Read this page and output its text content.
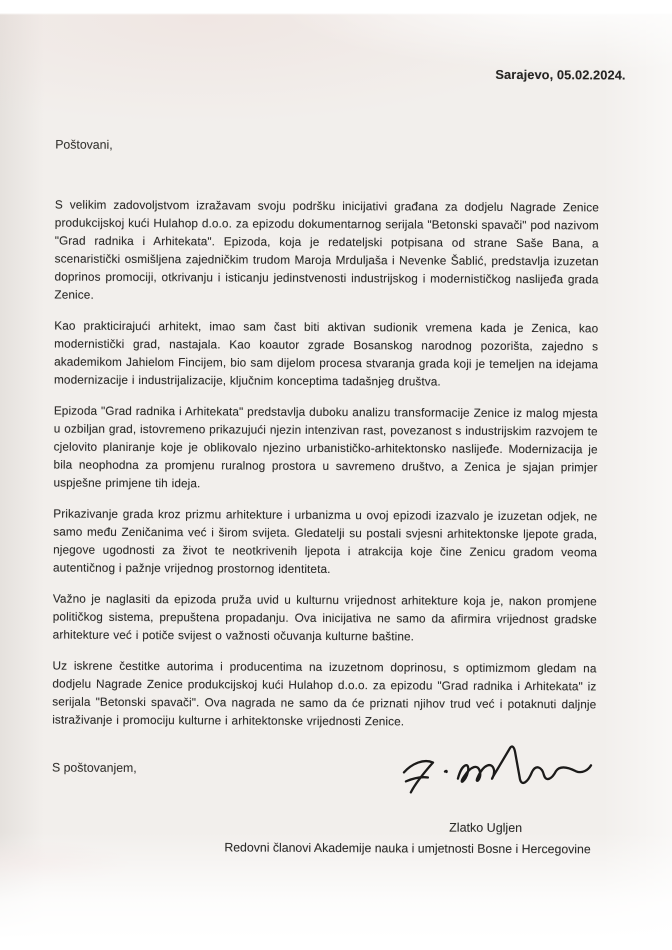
Sarajevo, 05.02.2024.
Poštovani,

S velikim zadovoljstvom izražavam svoju podršku inicijativi građana za dodjelu Nagrade Zenice produkcijskoj kući Hulahop d.o.o. za epizodu dokumentarnog serijala "Betonski spavači" pod nazivom "Grad radnika i Arhitekata". Epizoda, koja je redateljski potpisana od strane Saše Bana, a scenaristički osmišljena zajedničkim trudom Maroja Mrduljaša i Nevenke Šablić, predstavlja izuzetan doprinos promociji, otkrivanju i isticanju jedinstvenosti industrijskog i modernističkog naslijeđa grada Zenice.

Kao prakticirajući arhitekt, imao sam čast biti aktivan sudionik vremena kada je Zenica, kao modernistički grad, nastajala. Kao koautor zgrade Bosanskog narodnog pozorišta, zajedno s akademikom Jahielom Fincijem, bio sam dijelom procesa stvaranja grada koji je temeljen na idejama modernizacije i industrijalizacije, ključnim konceptima tadašnjeg društva.

Epizoda "Grad radnika i Arhitekata" predstavlja duboku analizu transformacije Zenice iz malog mjesta u ozbiljan grad, istovremeno prikazujući njezin intenzivan rast, povezanost s industrijskim razvojem te cjelovito planiranje koje je oblikovalo njezino urbanističko-arhitektonsko naslijeđe. Modernizacija je bila neophodna za promjenu ruralnog prostora u savremeno društvo, a Zenica je sjajan primjer uspješne primjene tih ideja.

Prikazivanje grada kroz prizmu arhitekture i urbanizma u ovoj epizodi izazvalo je izuzetan odjek, ne samo među Zeničanima već i širom svijeta. Gledatelji su postali svjesni arhitektonske ljepote grada, njegove ugodnosti za život te neotkrivenih ljepota i atrakcija koje čine Zenicu gradom veoma autentičnog i pažnje vrijednog prostornog identiteta.

Važno je naglasiti da epizoda pruža uvid u kulturnu vrijednost arhitekture koja je, nakon promjene političkog sistema, prepuštena propadanju. Ova inicijativa ne samo da afirmira vrijednost gradske arhitekture već i potiče svijest o važnosti očuvanja kulturne baštine.

Uz iskrene čestitke autorima i producentima na izuzetnom doprinosu, s optimizmom gledam na dodjelu Nagrade Zenice produkcijskoj kući Hulahop d.o.o. za epizodu "Grad radnika i Arhitekata" iz serijala "Betonski spavači". Ova nagrada ne samo da će priznati njihov trud već i potaknuti daljnje istraživanje i promociju kulturne i arhitektonske vrijednosti Zenice.

S poštovanjem,
Zlatko Ugljen
Redovni članovi Akademije nauka i umjetnosti Bosne i Hercegovine
